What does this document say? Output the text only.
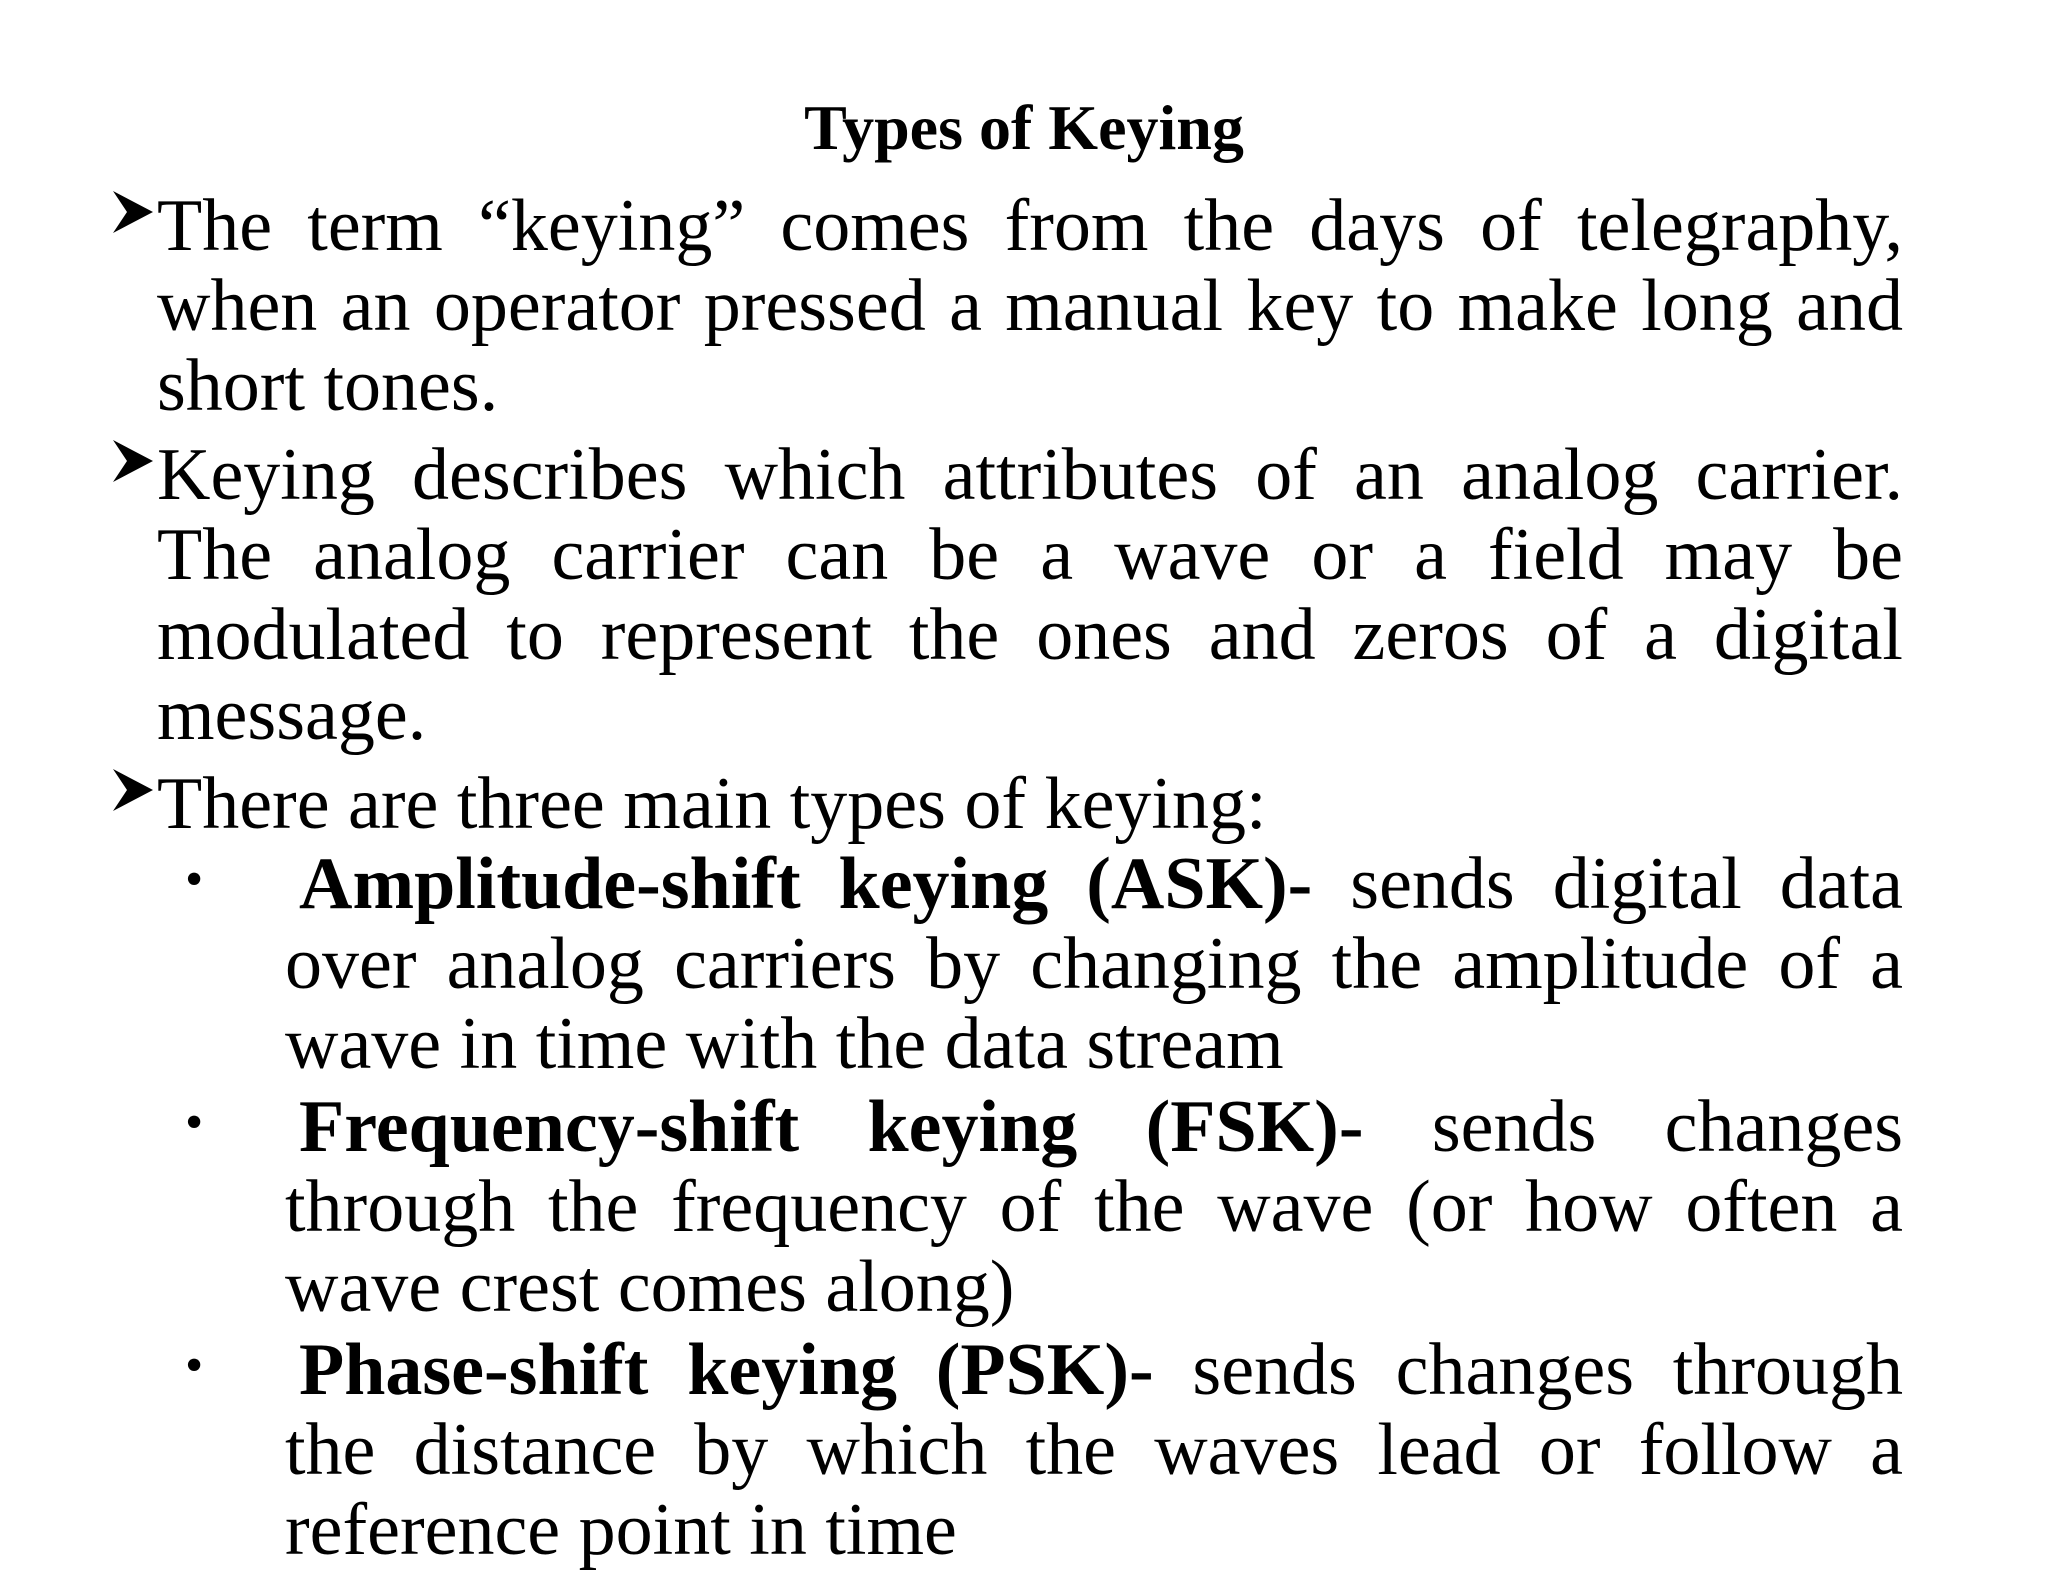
Types of Keying
The term “keying” comes from the days of telegraphy, when an operator pressed a manual key to make long and short tones.
Keying describes which attributes of an analog carrier. The analog carrier can be a wave or a field may be modulated to represent the ones and zeros of a digital message.
There are three main types of keying:
• Amplitude-shift keying (ASK)- sends digital data over analog carriers by changing the amplitude of a wave in time with the data stream
• Frequency-shift keying (FSK)- sends changes through the frequency of the wave (or how often a wave crest comes along)
• Phase-shift keying (PSK)- sends changes through the distance by which the waves lead or follow a reference point in time
